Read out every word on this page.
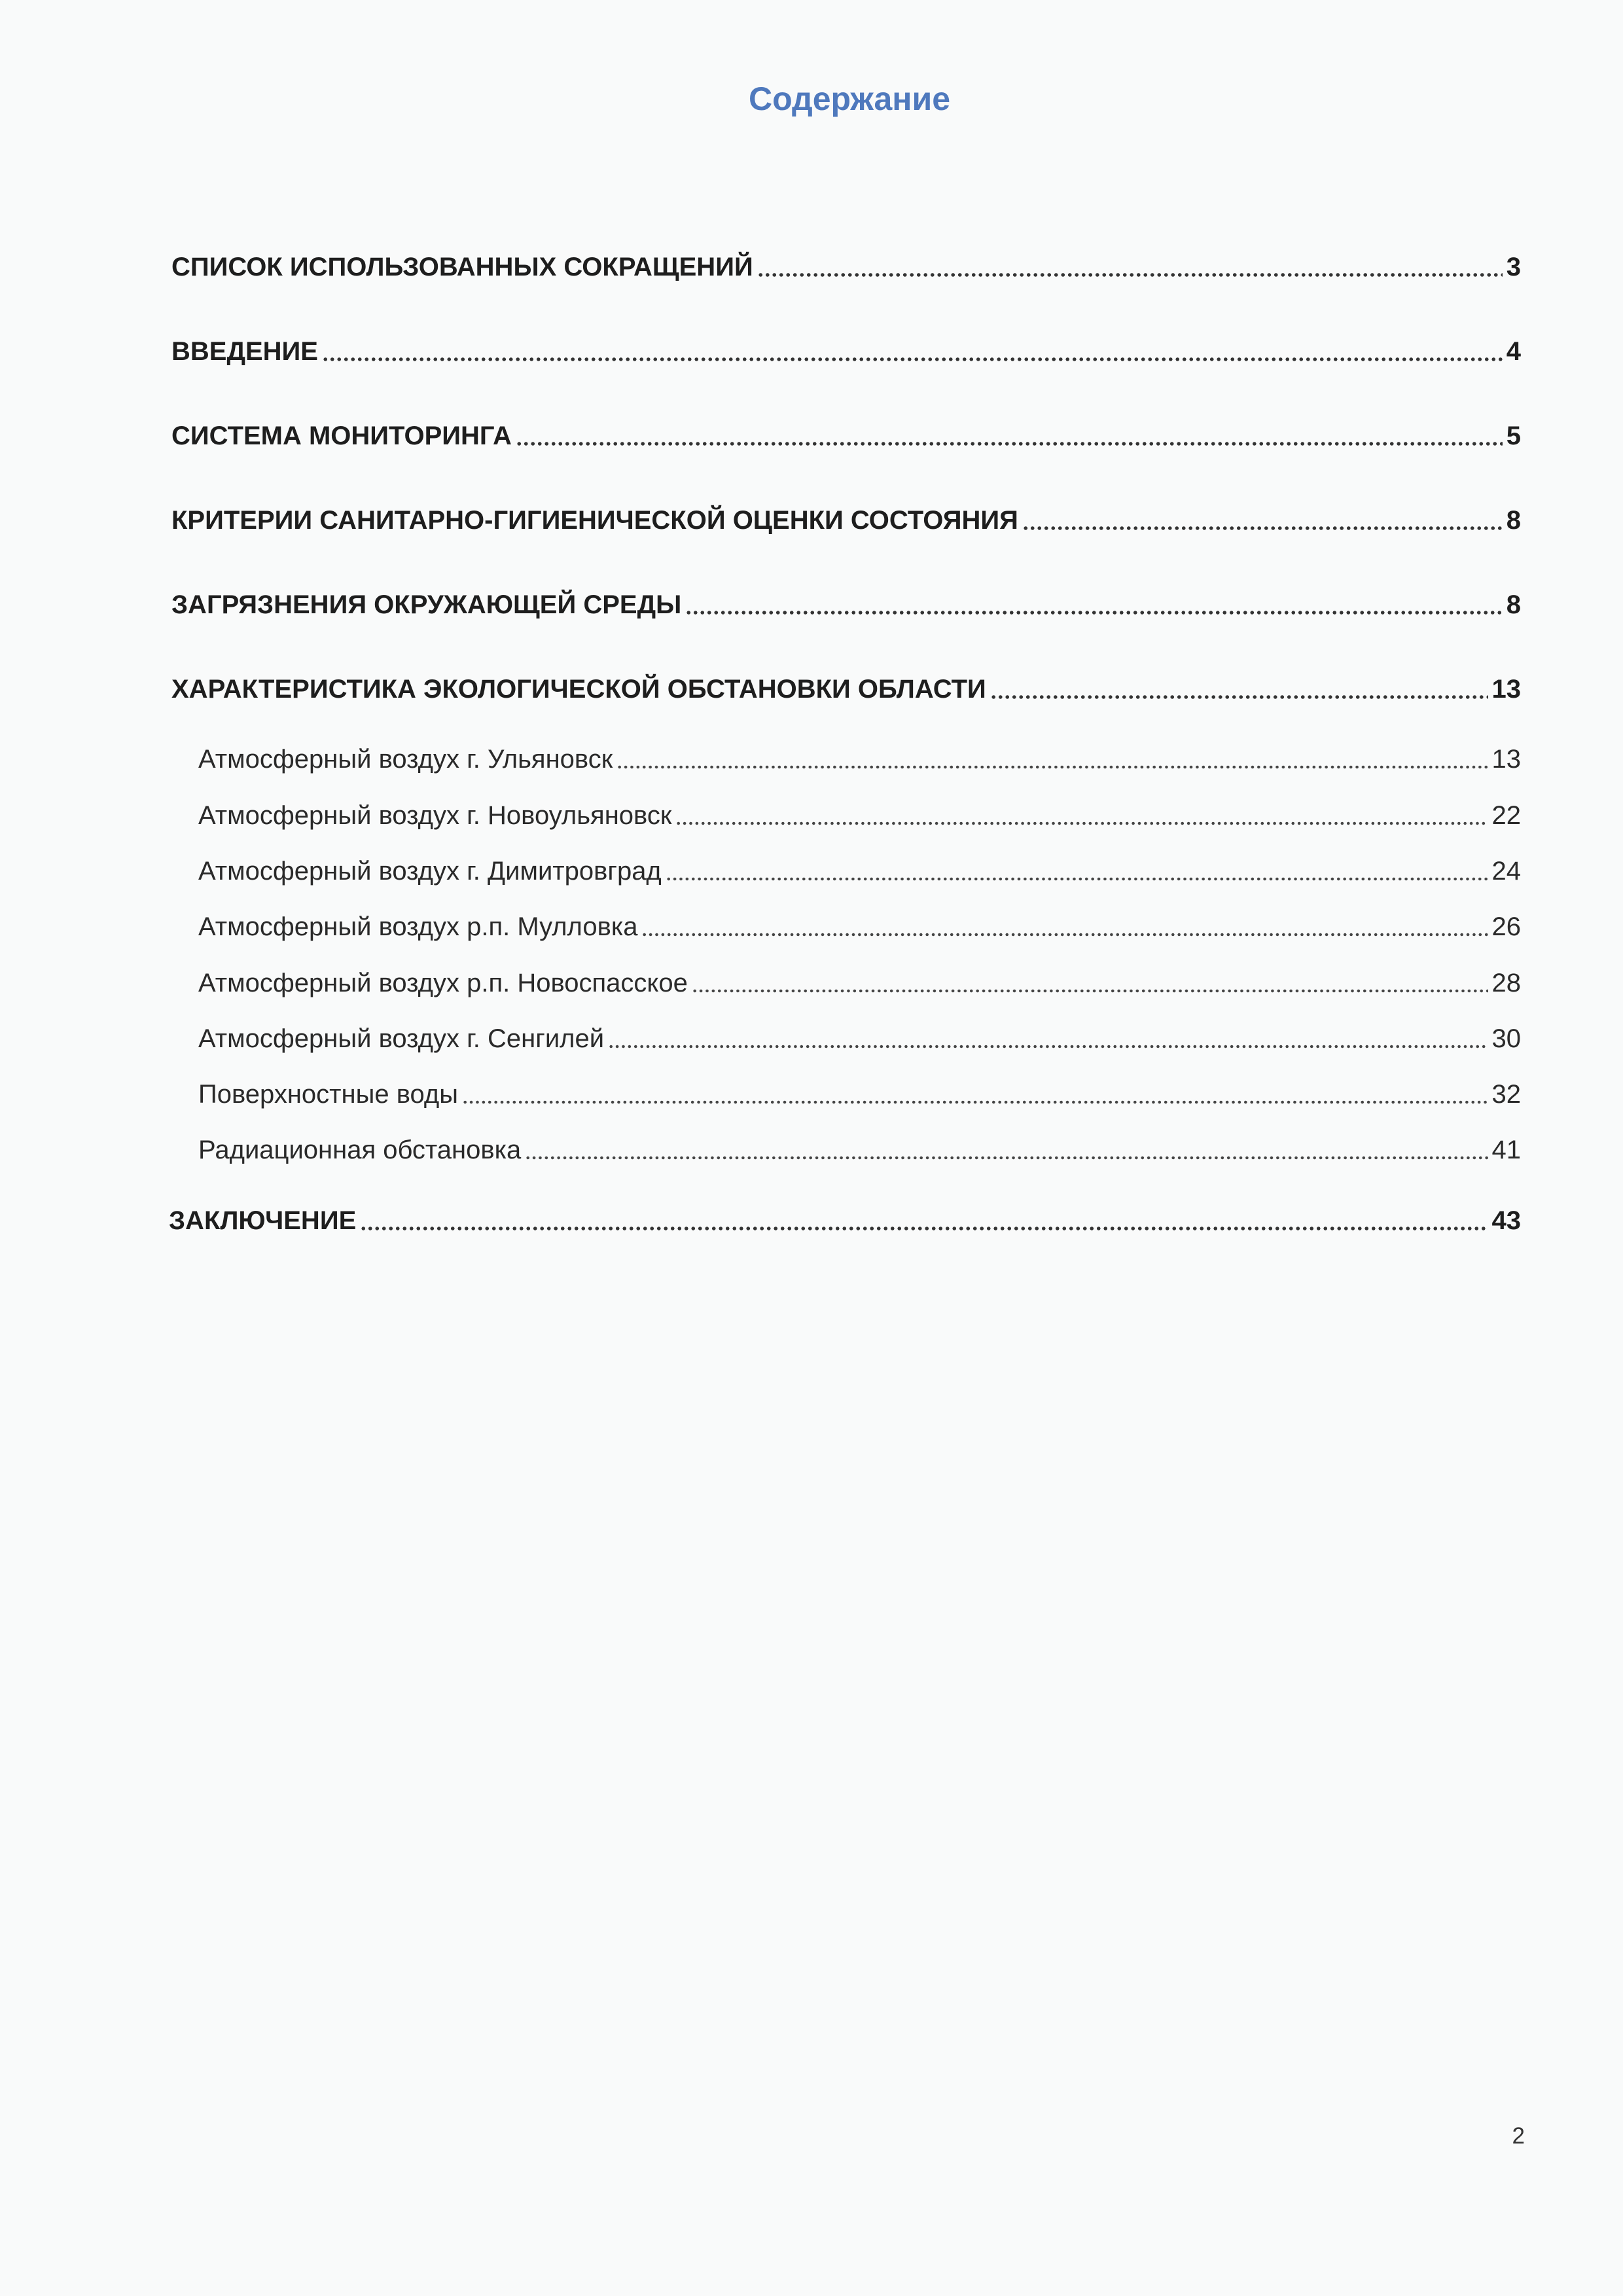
Содержание
СПИСОК ИСПОЛЬЗОВАННЫХ СОКРАЩЕНИЙ	3
ВВЕДЕНИЕ	4
СИСТЕМА МОНИТОРИНГА	5
КРИТЕРИИ САНИТАРНО-ГИГИЕНИЧЕСКОЙ ОЦЕНКИ СОСТОЯНИЯ	8
ЗАГРЯЗНЕНИЯ ОКРУЖАЮЩЕЙ СРЕДЫ	8
ХАРАКТЕРИСТИКА ЭКОЛОГИЧЕСКОЙ ОБСТАНОВКИ ОБЛАСТИ	13
Атмосферный воздух г. Ульяновск	13
Атмосферный воздух г. Новоульяновск	22
Атмосферный воздух г. Димитровград	24
Атмосферный воздух р.п. Мулловка	26
Атмосферный воздух р.п. Новоспасское	28
Атмосферный воздух г. Сенгилей	30
Поверхностные воды	32
Радиационная обстановка	41
ЗАКЛЮЧЕНИЕ	43

2
